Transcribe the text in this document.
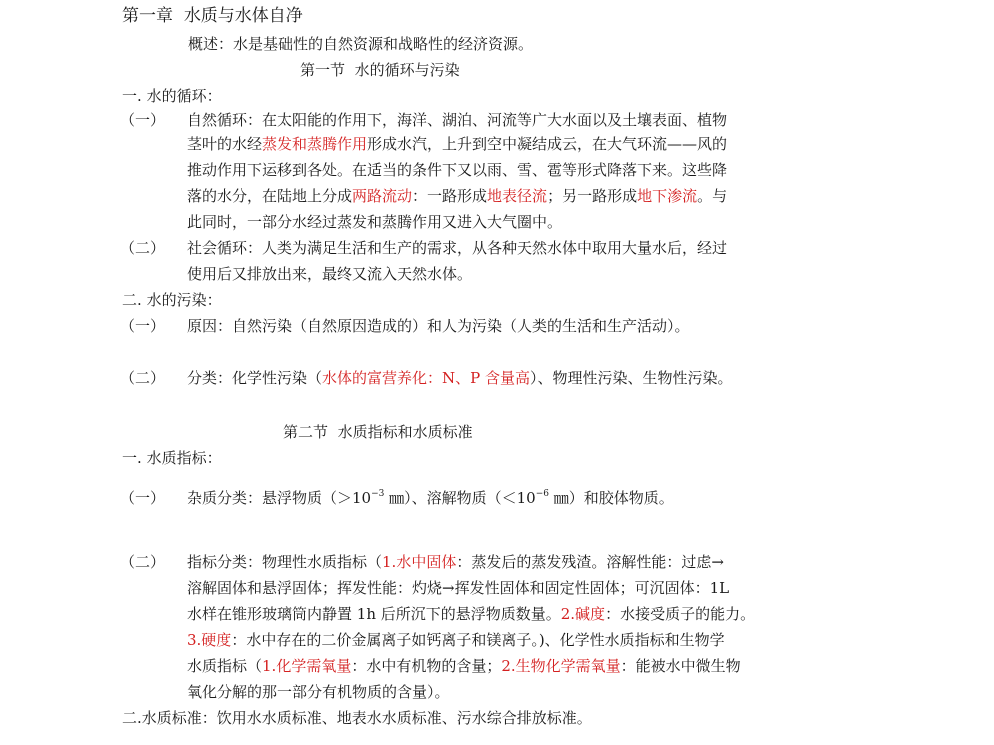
第一章 水质与水体自净
概述：水是基础性的自然资源和战略性的经济资源。
第一节 水的循环与污染
一. 水的循环：
（一） 自然循环：在太阳能的作用下，海洋、湖泊、河流等广大水面以及土壤表面、植物
茎叶的水经蒸发和蒸腾作用形成水汽，上升到空中凝结成云，在大气环流——风的
推动作用下运移到各处。在适当的条件下又以雨、雪、雹等形式降落下来。这些降
落的水分，在陆地上分成两路流动：一路形成地表径流；另一路形成地下渗流。与
此同时，一部分水经过蒸发和蒸腾作用又进入大气圈中。
（二） 社会循环：人类为满足生活和生产的需求，从各种天然水体中取用大量水后，经过
使用后又排放出来，最终又流入天然水体。
二. 水的污染：
（一） 原因：自然污染（自然原因造成的）和人为污染（人类的生活和生产活动）。
（二） 分类：化学性污染（水体的富营养化：N、P 含量高）、物理性污染、生物性污染。
第二节 水质指标和水质标准
一. 水质指标：
（一） 杂质分类：悬浮物质（$>10^{-3}$ ㎜）、溶解物质（$<10^{-6}$ ㎜）和胶体物质。
（二） 指标分类：物理性水质指标（1.水中固体：蒸发后的蒸发残渣。溶解性能：过虑→
溶解固体和悬浮固体；挥发性能：灼烧→挥发性固体和固定性固体；可沉固体：1L
水样在锥形玻璃筒内静置 1h 后所沉下的悬浮物质数量。2.碱度：水接受质子的能力。
3.硬度：水中存在的二价金属离子如钙离子和镁离子。)、化学性水质指标和生物学
水质指标（1.化学需氧量：水中有机物的含量；2.生物化学需氧量：能被水中微生物
氧化分解的那一部分有机物质的含量）。
二.水质标准：饮用水水质标准、地表水水质标准、污水综合排放标准。
